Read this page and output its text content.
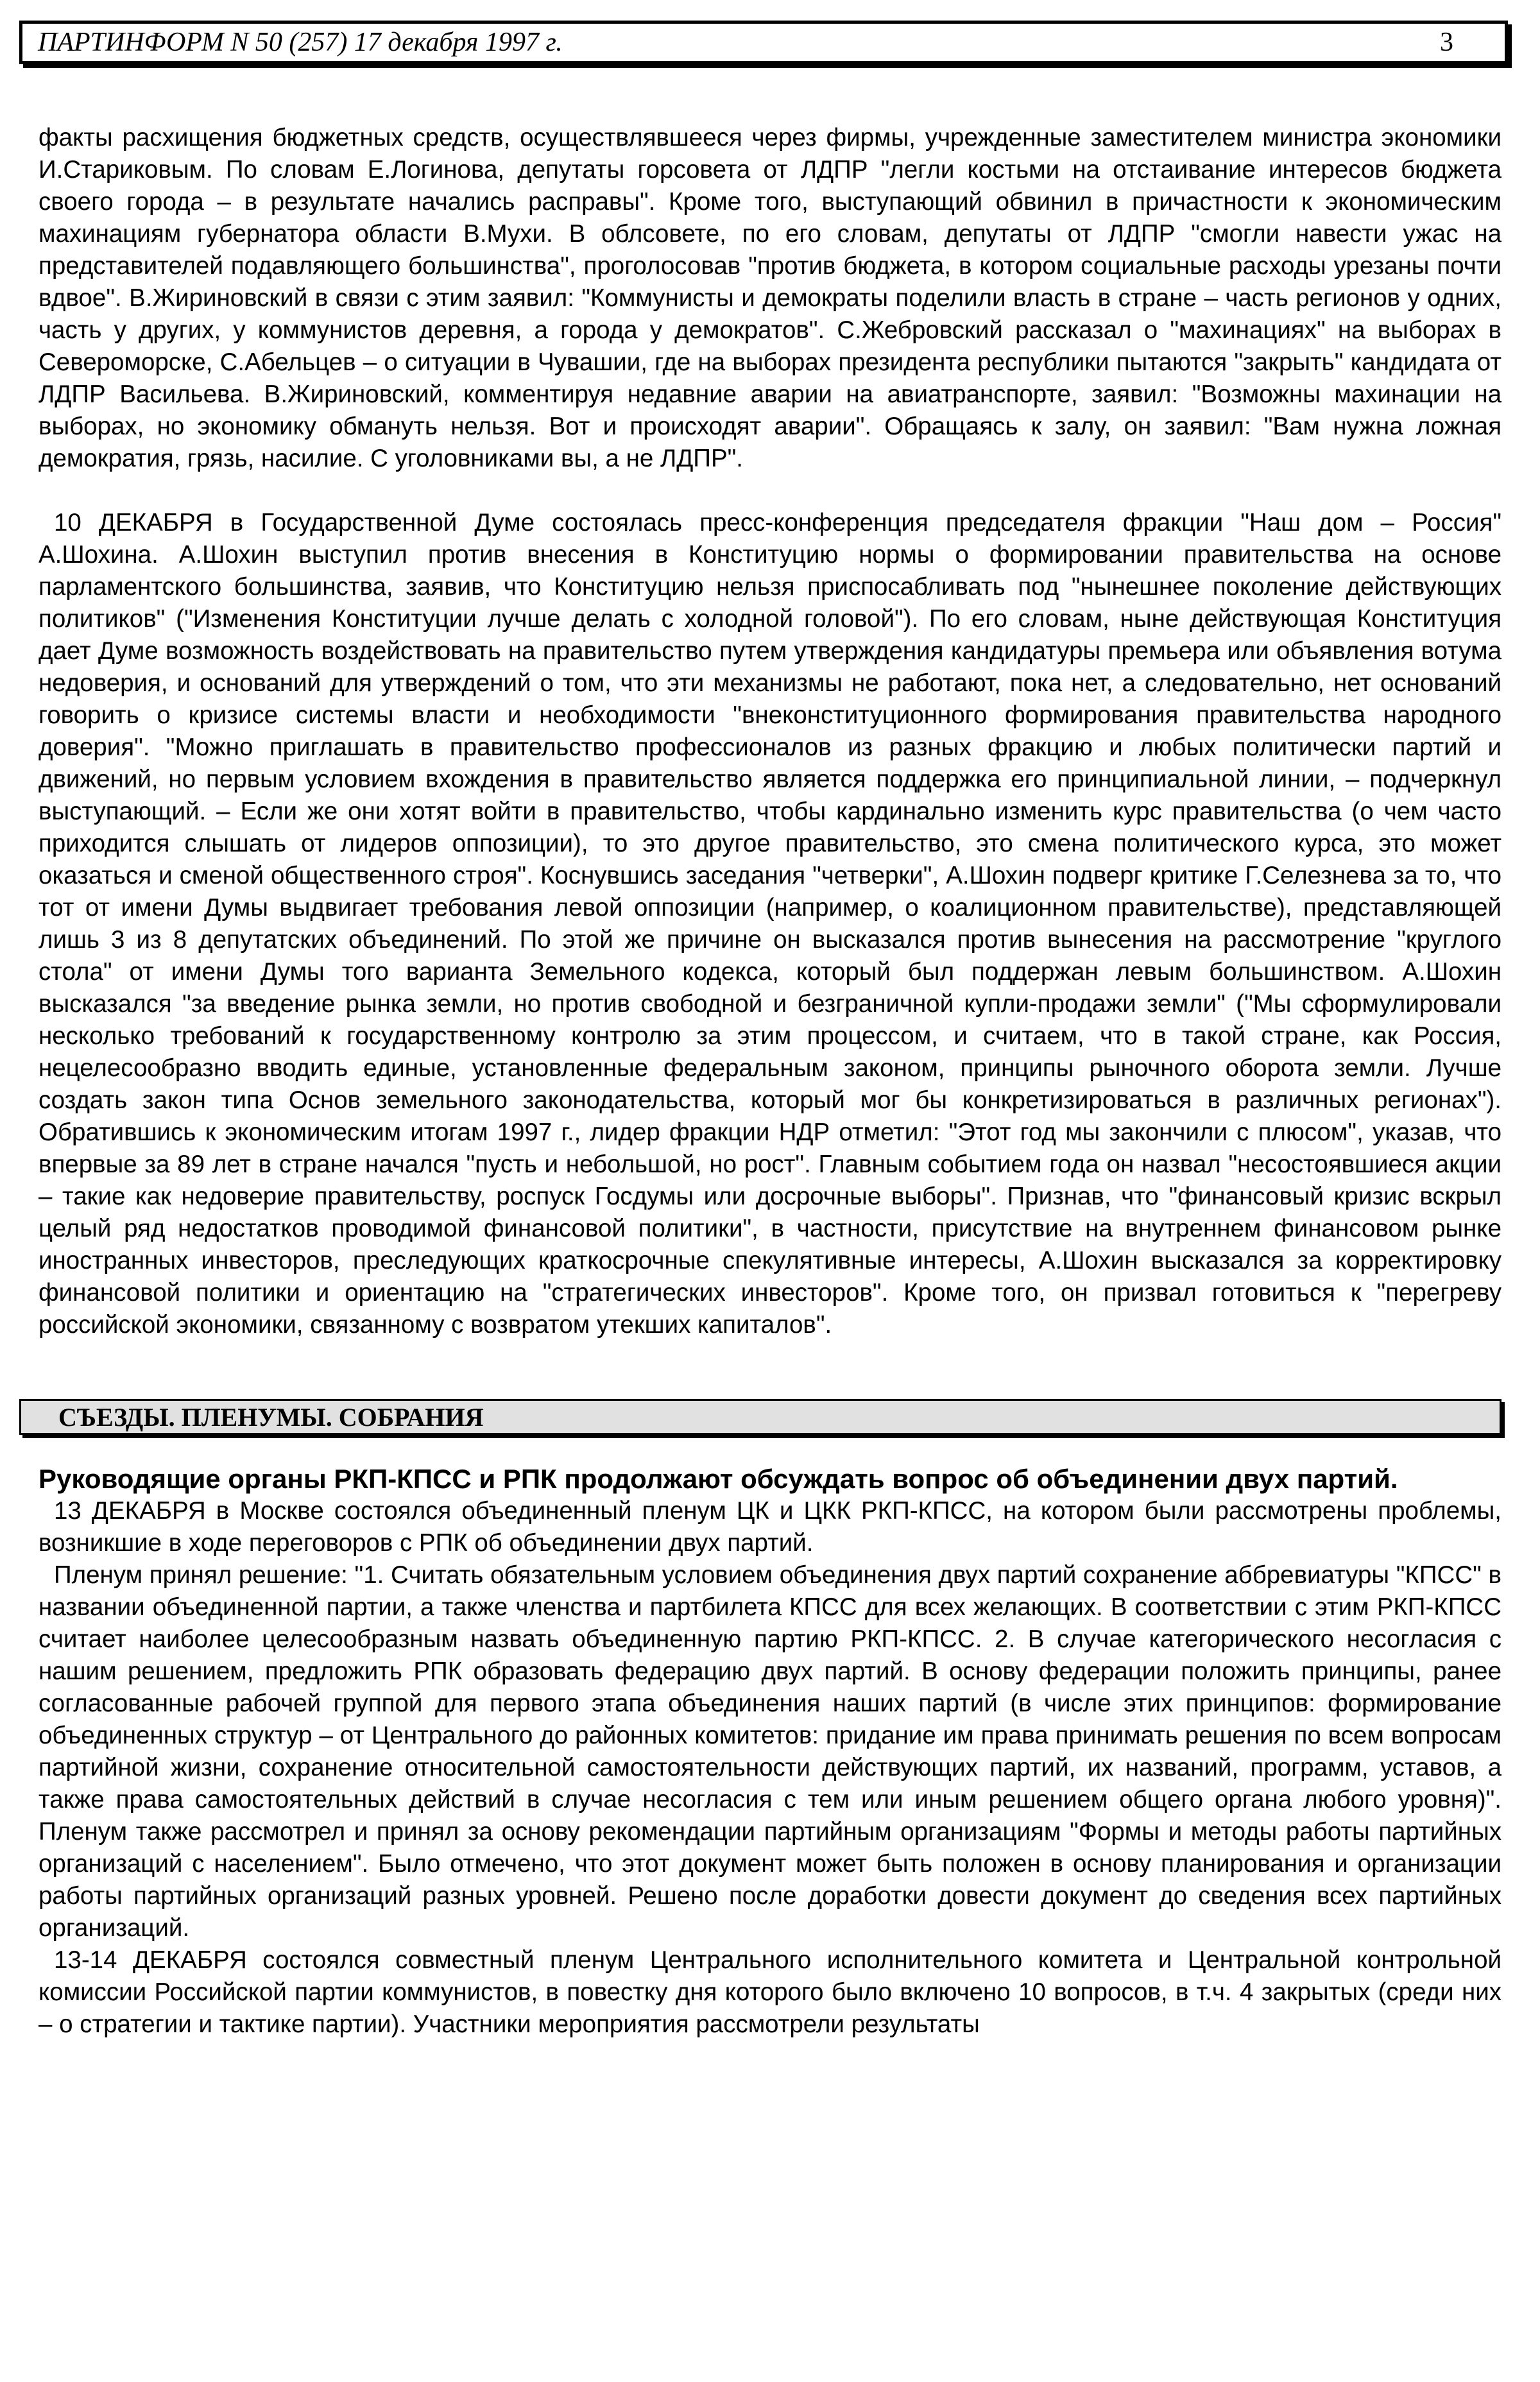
ПАРТИНФОРМ N 50 (257) 17 декабря 1997 г.	3

факты расхищения бюджетных средств, осуществлявшееся через фирмы, учрежденные заместителем министра экономики И.Стариковым. По словам Е.Логинова, депутаты горсовета от ЛДПР "легли костьми на отстаивание интересов бюджета своего города – в результате начались расправы". Кроме того, выступающий обвинил в причастности к экономическим махинациям губернатора области В.Мухи. В облсовете, по его словам, депутаты от ЛДПР "смогли навести ужас на представителей подавляющего большинства", проголосовав "против бюджета, в котором социальные расходы урезаны почти вдвое". В.Жириновский в связи с этим заявил: "Коммунисты и демократы поделили власть в стране – часть регионов у одних, часть у других, у коммунистов деревня, а города у демократов". С.Жебровский рассказал о "махинациях" на выборах в Североморске, С.Абельцев – о ситуации в Чувашии, где на выборах президента республики пытаются "закрыть" кандидата от ЛДПР Васильева. В.Жириновский, комментируя недавние аварии на авиатранспорте, заявил: "Возможны махинации на выборах, но экономику обмануть нельзя. Вот и происходят аварии". Обращаясь к залу, он заявил: "Вам нужна ложная демократия, грязь, насилие. С уголовниками вы, а не ЛДПР".

10 ДЕКАБРЯ в Государственной Думе состоялась пресс-конференция председателя фракции "Наш дом – Россия" А.Шохина. А.Шохин выступил против внесения в Конституцию нормы о формировании правительства на основе парламентского большинства, заявив, что Конституцию нельзя приспосабливать под "нынешнее поколение действующих политиков" ("Изменения Конституции лучше делать с холодной головой"). По его словам, ныне действующая Конституция дает Думе возможность воздействовать на правительство путем утверждения кандидатуры премьера или объявления вотума недоверия, и оснований для утверждений о том, что эти механизмы не работают, пока нет, а следовательно, нет оснований говорить о кризисе системы власти и необходимости "внеконституционного формирования правительства народного доверия". "Можно приглашать в правительство профессионалов из разных фракцию и любых политически партий и движений, но первым условием вхождения в правительство является поддержка его принципиальной линии, – подчеркнул выступающий. – Если же они хотят войти в правительство, чтобы кардинально изменить курс правительства (о чем часто приходится слышать от лидеров оппозиции), то это другое правительство, это смена политического курса, это может оказаться и сменой общественного строя". Коснувшись заседания "четверки", А.Шохин подверг критике Г.Селезнева за то, что тот от имени Думы выдвигает требования левой оппозиции (например, о коалиционном правительстве), представляющей лишь 3 из 8 депутатских объединений. По этой же причине он высказался против вынесения на рассмотрение "круглого стола" от имени Думы того варианта Земельного кодекса, который был поддержан левым большинством. А.Шохин высказался "за введение рынка земли, но против свободной и безграничной купли-продажи земли" ("Мы сформулировали несколько требований к государственному контролю за этим процессом, и считаем, что в такой стране, как Россия, нецелесообразно вводить единые, установленные федеральным законом, принципы рыночного оборота земли. Лучше создать закон типа Основ земельного законодательства, который мог бы конкретизироваться в различных регионах"). Обратившись к экономическим итогам 1997 г., лидер фракции НДР отметил: "Этот год мы закончили с плюсом", указав, что впервые за 89 лет в стране начался "пусть и небольшой, но рост". Главным событием года он назвал "несостоявшиеся акции – такие как недоверие правительству, роспуск Госдумы или досрочные выборы". Признав, что "финансовый кризис вскрыл целый ряд недостатков проводимой финансовой политики", в частности, присутствие на внутреннем финансовом рынке иностранных инвесторов, преследующих краткосрочные спекулятивные интересы, А.Шохин высказался за корректировку финансовой политики и ориентацию на "стратегических инвесторов". Кроме того, он призвал готовиться к "перегреву российской экономики, связанному с возвратом утекших капиталов".

СЪЕЗДЫ. ПЛЕНУМЫ. СОБРАНИЯ
Руководящие органы РКП-КПСС и РПК продолжают обсуждать вопрос об объединении двух партий.

13 ДЕКАБРЯ в Москве состоялся объединенный пленум ЦК и ЦКК РКП-КПСС, на котором были рассмотрены проблемы, возникшие в ходе переговоров с РПК об объединении двух партий.

Пленум принял решение: "1. Считать обязательным условием объединения двух партий сохранение аббревиатуры "КПСС" в названии объединенной партии, а также членства и партбилета КПСС для всех желающих. В соответствии с этим РКП-КПСС считает наиболее целесообразным назвать объединенную партию РКП-КПСС. 2. В случае категорического несогласия с нашим решением, предложить РПК образовать федерацию двух партий. В основу федерации положить принципы, ранее согласованные рабочей группой для первого этапа объединения наших партий (в числе этих принципов: формирование объединенных структур – от Центрального до районных комитетов: придание им права принимать решения по всем вопросам партийной жизни, сохранение относительной самостоятельности действующих партий, их названий, программ, уставов, а также права самостоятельных действий в случае несогласия с тем или иным решением общего органа любого уровня)". Пленум также рассмотрел и принял за основу рекомендации партийным организациям "Формы и методы работы партийных организаций с населением". Было отмечено, что этот документ может быть положен в основу планирования и организации работы партийных организаций разных уровней. Решено после доработки довести документ до сведения всех партийных организаций.

13-14 ДЕКАБРЯ состоялся совместный пленум Центрального исполнительного комитета и Центральной контрольной комиссии Российской партии коммунистов, в повестку дня которого было включено 10 вопросов, в т.ч. 4 закрытых (среди них – о стратегии и тактике партии). Участники мероприятия рассмотрели результаты
